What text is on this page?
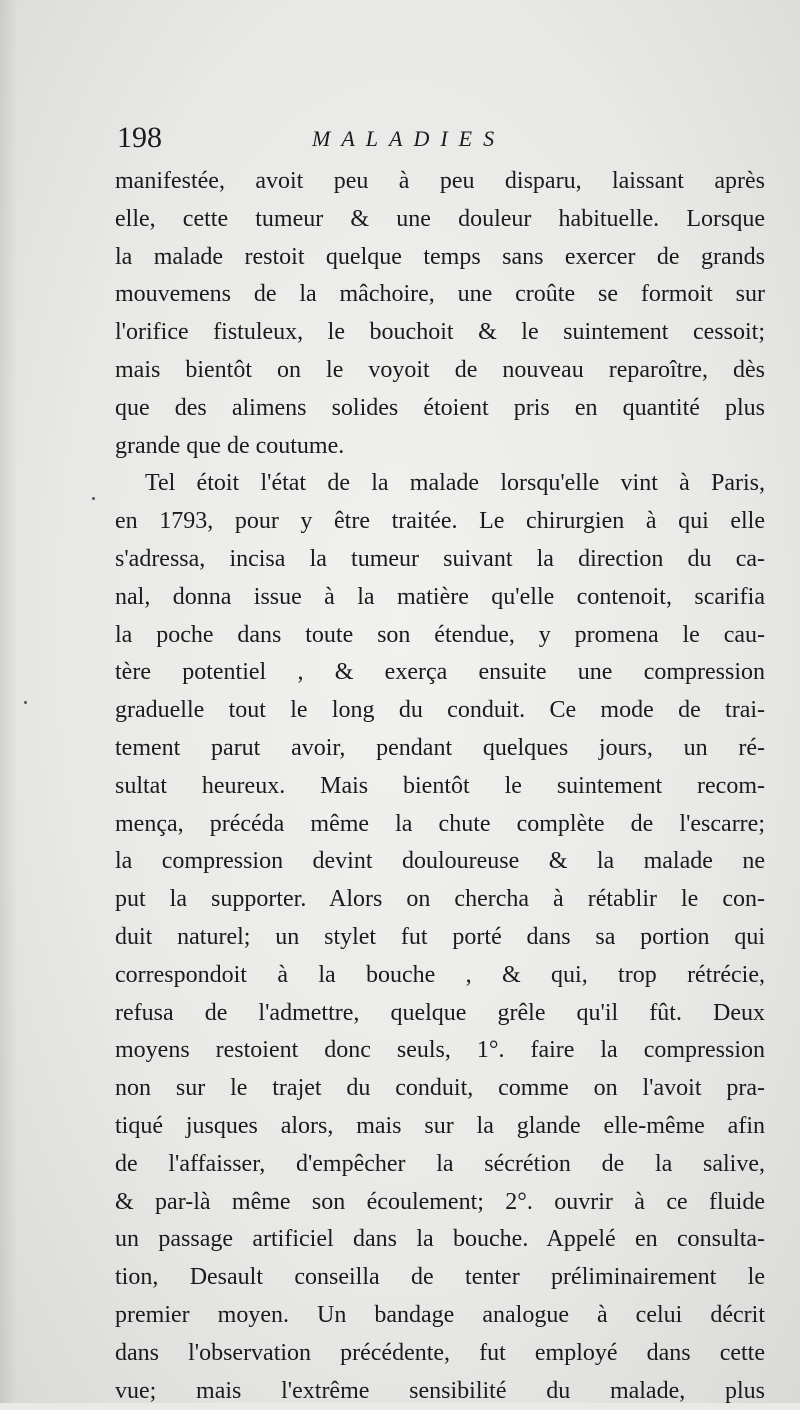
198	MALADIES
manifestée, avoit peu à peu disparu, laissant après
elle, cette tumeur & une douleur habituelle. Lorsque
la malade restoit quelque temps sans exercer de grands
mouvemens de la mâchoire, une croûte se formoit sur
l'orifice fistuleux, le bouchoit & le suintement cessoit;
mais bientôt on le voyoit de nouveau reparoître, dès
que des alimens solides étoient pris en quantité plus
grande que de coutume.
Tel étoit l'état de la malade lorsqu'elle vint à Paris,
en 1793, pour y être traitée. Le chirurgien à qui elle
s'adressa, incisa la tumeur suivant la direction du ca-
nal, donna issue à la matière qu'elle contenoit, scarifia
la poche dans toute son étendue, y promena le cau-
tère potentiel , & exerça ensuite une compression
graduelle tout le long du conduit. Ce mode de trai-
tement parut avoir, pendant quelques jours, un ré-
sultat heureux. Mais bientôt le suintement recom-
mença, précéda même la chute complète de l'escarre;
la compression devint douloureuse & la malade ne
put la supporter. Alors on chercha à rétablir le con-
duit naturel; un stylet fut porté dans sa portion qui
correspondoit à la bouche , & qui, trop rétrécie,
refusa de l'admettre, quelque grêle qu'il fût. Deux
moyens restoient donc seuls, 1°. faire la compression
non sur le trajet du conduit, comme on l'avoit pra-
tiqué jusques alors, mais sur la glande elle-même afin
de l'affaisser, d'empêcher la sécrétion de la salive,
& par-là même son écoulement; 2°. ouvrir à ce fluide
un passage artificiel dans la bouche. Appelé en consulta-
tion, Desault conseilla de tenter préliminairement le
premier moyen. Un bandage analogue à celui décrit
dans l'observation précédente, fut employé dans cette
vue; mais l'extrême sensibilité du malade, plus
